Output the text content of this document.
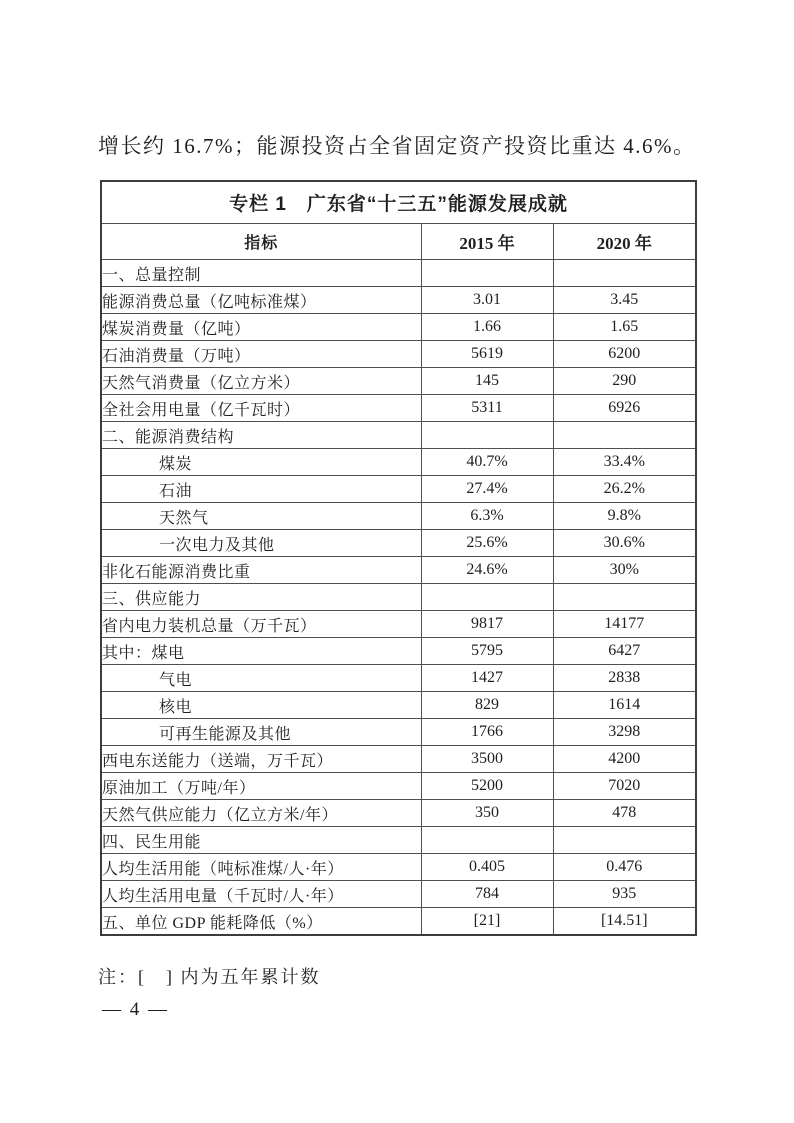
增长约 16.7%；能源投资占全省固定资产投资比重达 4.6%。
专栏 1　广东省“十三五”能源发展成就		
指标	2015 年	2020 年
一、总量控制		
能源消费总量（亿吨标准煤）	3.01	3.45
煤炭消费量（亿吨）	1.66	1.65
石油消费量（万吨）	5619	6200
天然气消费量（亿立方米）	145	290
全社会用电量（亿千瓦时）	5311	6926
二、能源消费结构		
煤炭	40.7%	33.4%
石油	27.4%	26.2%
天然气	6.3%	9.8%
一次电力及其他	25.6%	30.6%
非化石能源消费比重	24.6%	30%
三、供应能力		
省内电力装机总量（万千瓦）	9817	14177
其中：煤电	5795	6427
气电	1427	2838
核电	829	1614
可再生能源及其他	1766	3298
西电东送能力（送端，万千瓦）	3500	4200
原油加工（万吨/年）	5200	7020
天然气供应能力（亿立方米/年）	350	478
四、民生用能		
人均生活用能（吨标准煤/人·年）	0.405	0.476
人均生活用电量（千瓦时/人·年）	784	935
五、单位 GDP 能耗降低（%）	[21]	[14.51]
注：[　] 内为五年累计数
— 4 —
